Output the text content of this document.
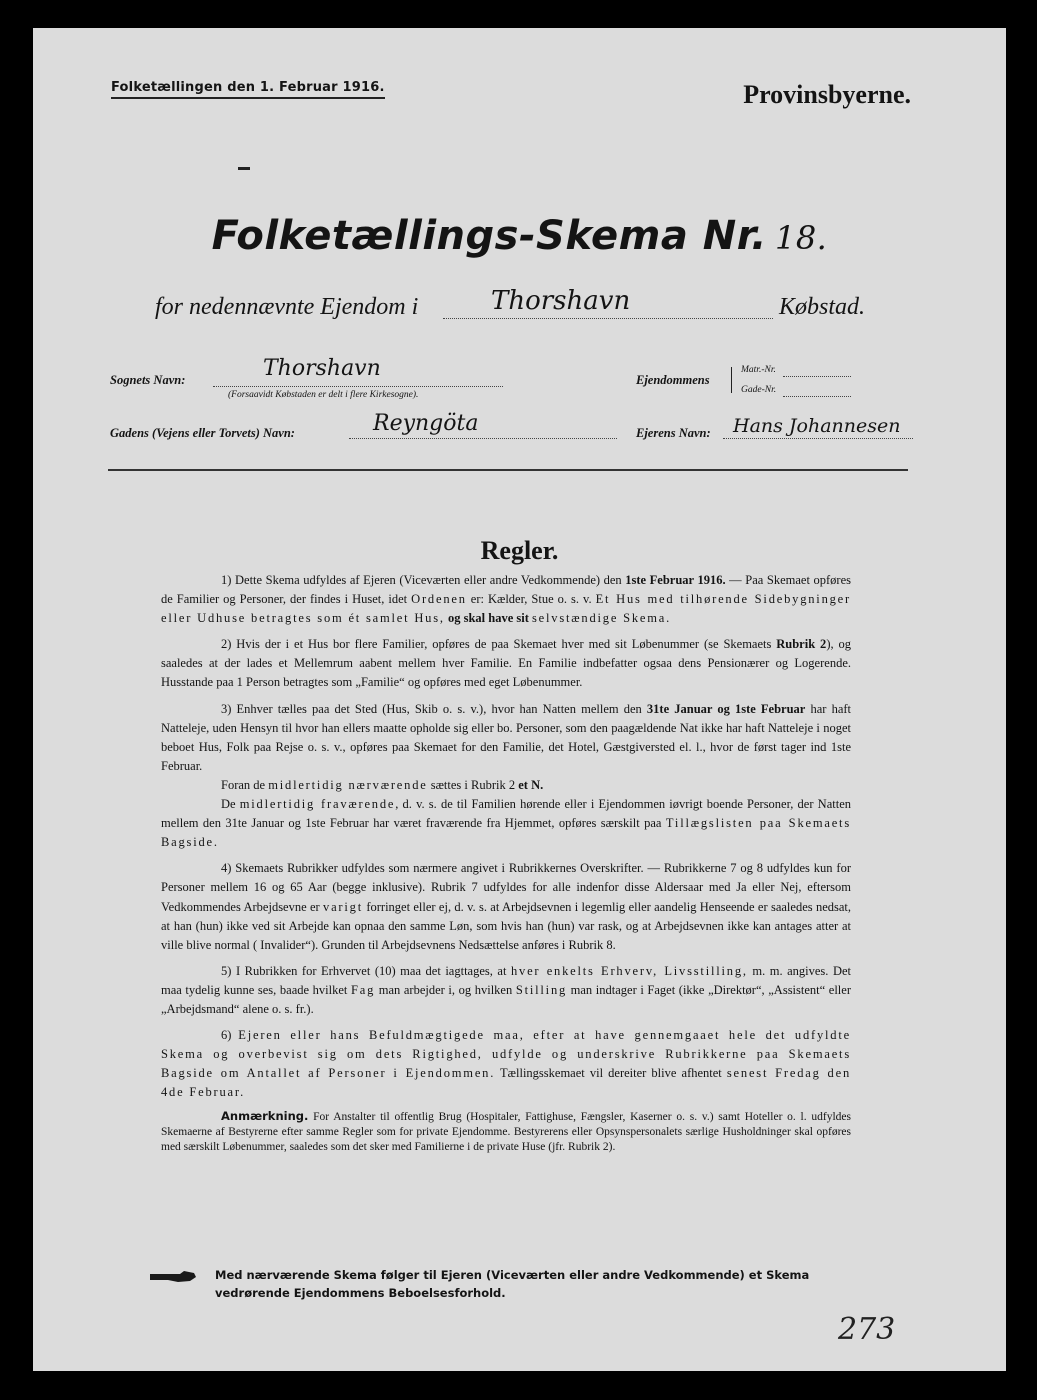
Folketællingen den 1. Februar 1916.	Provinsbyerne.
Folketællings-Skema Nr. 18.
for nedennævnte Ejendom i	Thorshavn	Købstad.
Sognets Navn:	Thorshavn
(Forsaavidt Købstaden er delt i flere Kirkesogne).
Ejendommens
Matr.-Nr.
Gade-Nr.
Gadens (Vejens eller Torvets) Navn:	Reyngöta	Ejerens Navn: Hans Johannesen
Regler.

1) Dette Skema udfyldes af Ejeren (Viceværten eller andre Vedkommende) den 1ste Februar 1916. — Paa Skemaet opføres de Familier og Personer, der findes i Huset, idet Ordenen er: Kælder, Stue o. s. v. Et Hus med tilhørende Sidebygninger eller Udhuse betragtes som ét samlet Hus, og skal have sit selvstændige Skema.

2) Hvis der i et Hus bor flere Familier, opføres de paa Skemaet hver med sit Løbenummer (se Skemaets Rubrik 2), og saaledes at der lades et Mellemrum aabent mellem hver Familie. En Familie indbefatter ogsaa dens Pensionærer og Logerende. Husstande paa 1 Person betragtes som „Familie“ og opføres med eget Løbenummer.

3) Enhver tælles paa det Sted (Hus, Skib o. s. v.), hvor han Natten mellem den 31te Januar og 1ste Februar har haft Natteleje, uden Hensyn til hvor han ellers maatte opholde sig eller bo. Personer, som den paagældende Nat ikke har haft Natteleje i noget beboet Hus, Folk paa Rejse o. s. v., opføres paa Skemaet for den Familie, det Hotel, Gæstgiversted el. l., hvor de først tager ind 1ste Februar.

Foran de midlertidig nærværende sættes i Rubrik 2 et N.

De midlertidig fraværende, d. v. s. de til Familien hørende eller i Ejendommen iøvrigt boende Personer, der Natten mellem den 31te Januar og 1ste Februar har været fraværende fra Hjemmet, opføres særskilt paa Tillægslisten paa Skemaets Bagside.

4) Skemaets Rubrikker udfyldes som nærmere angivet i Rubrikkernes Overskrifter. — Rubrikkerne 7 og 8 udfyldes kun for Personer mellem 16 og 65 Aar (begge inklusive). Rubrik 7 udfyldes for alle indenfor disse Aldersaar med Ja eller Nej, eftersom Vedkommendes Arbejdsevne er varigt forringet eller ej, d. v. s. at Arbejdsevnen i legemlig eller aandelig Henseende er saaledes nedsat, at han (hun) ikke ved sit Arbejde kan opnaa den samme Løn, som hvis han (hun) var rask, og at Arbejdsevnen ikke kan antages atter at ville blive normal ( Invalider“). Grunden til Arbejdsevnens Nedsættelse anføres i Rubrik 8.

5) I Rubrikken for Erhvervet (10) maa det iagttages, at hver enkelts Erhverv, Livsstilling, m. m. angives. Det maa tydelig kunne ses, baade hvilket Fag man arbejder i, og hvilken Stilling man indtager i Faget (ikke „Direktør“, „Assistent“ eller „Arbejdsmand“ alene o. s. fr.).

6) Ejeren eller hans Befuldmægtigede maa, efter at have gennemgaaet hele det udfyldte Skema og overbevist sig om dets Rigtighed, udfylde og underskrive Rubrikkerne paa Skemaets Bagside om Antallet af Personer i Ejendommen. Tællingsskemaet vil dereiter blive afhentet senest Fredag den 4de Februar.

Anmærkning. For Anstalter til offentlig Brug (Hospitaler, Fattighuse, Fængsler, Kaserner o. s. v.) samt Hoteller o. l. udfyldes Skemaerne af Bestyrerne efter samme Regler som for private Ejendomme. Bestyrerens eller Opsynspersonalets særlige Husholdninger skal opføres med særskilt Løbenummer, saaledes som det sker med Familierne i de private Huse (jfr. Rubrik 2).

Med nærværende Skema følger til Ejeren (Viceværten eller andre Vedkommende) et Skema vedrørende Ejendommens Beboelsesforhold.
273
